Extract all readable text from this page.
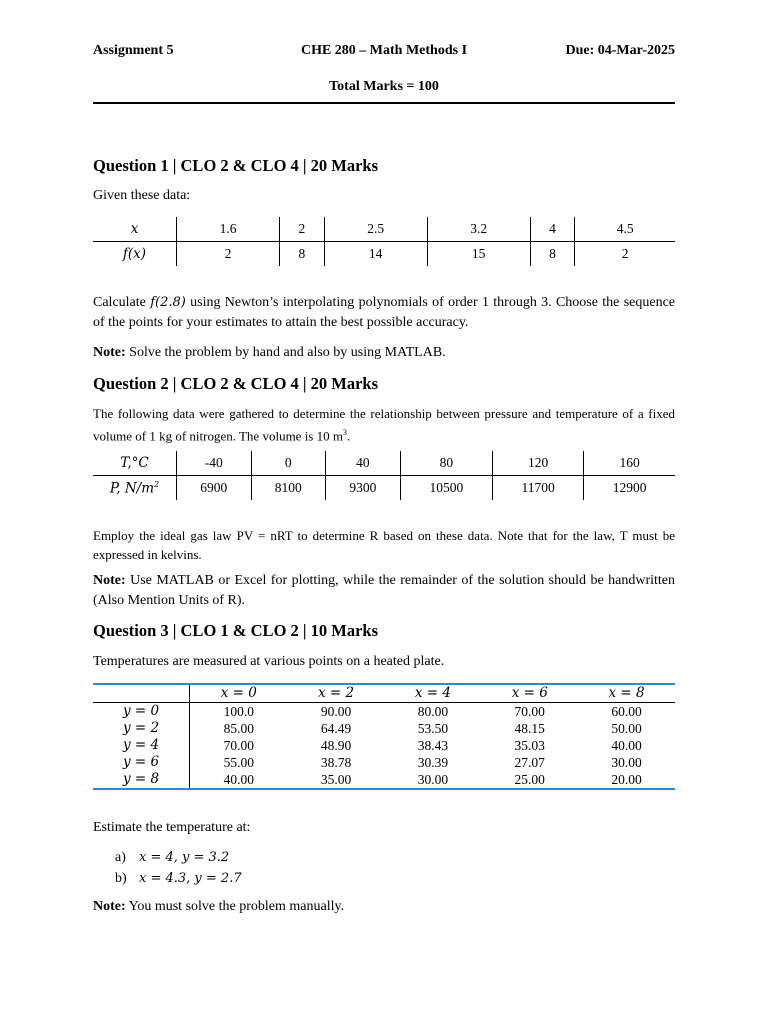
CHE 280 – Math Methods I
Assignment 5	Due: 04-Mar-2025
Total Marks = 100
Question 1 | CLO 2 & CLO 4 | 20 Marks
Given these data:
x	1.6	2	2.5	3.2	4	4.5
f(x)	2	8	14	15	8	2
Calculate f(2.8) using Newton’s interpolating polynomials of order 1 through 3. Choose the sequence of the points for your estimates to attain the best possible accuracy.
Note: Solve the problem by hand and also by using MATLAB.
Question 2 | CLO 2 & CLO 4 | 20 Marks
The following data were gathered to determine the relationship between pressure and temperature of a fixed volume of 1 kg of nitrogen. The volume is 10 $m^3$.
T,°C	-40	0	40	80	120	160
P, $N/m^2$	6900	8100	9300	10500	11700	12900
Employ the ideal gas law PV = nRT to determine R based on these data. Note that for the law, T must be expressed in kelvins.
Note: Use MATLAB or Excel for plotting, while the remainder of the solution should be handwritten (Also Mention Units of R).
Question 3 | CLO 1 & CLO 2 | 10 Marks
Temperatures are measured at various points on a heated plate.
	x = 0	x = 2	x = 4	x = 6	x = 8
y = 0	100.0	90.00	80.00	70.00	60.00
y = 2	85.00	64.49	53.50	48.15	50.00
y = 4	70.00	48.90	38.43	35.03	40.00
y = 6	55.00	38.78	30.39	27.07	30.00
y = 8	40.00	35.00	30.00	25.00	20.00
Estimate the temperature at:
a) x = 4, y = 3.2
b) x = 4.3, y = 2.7
Note: You must solve the problem manually.
